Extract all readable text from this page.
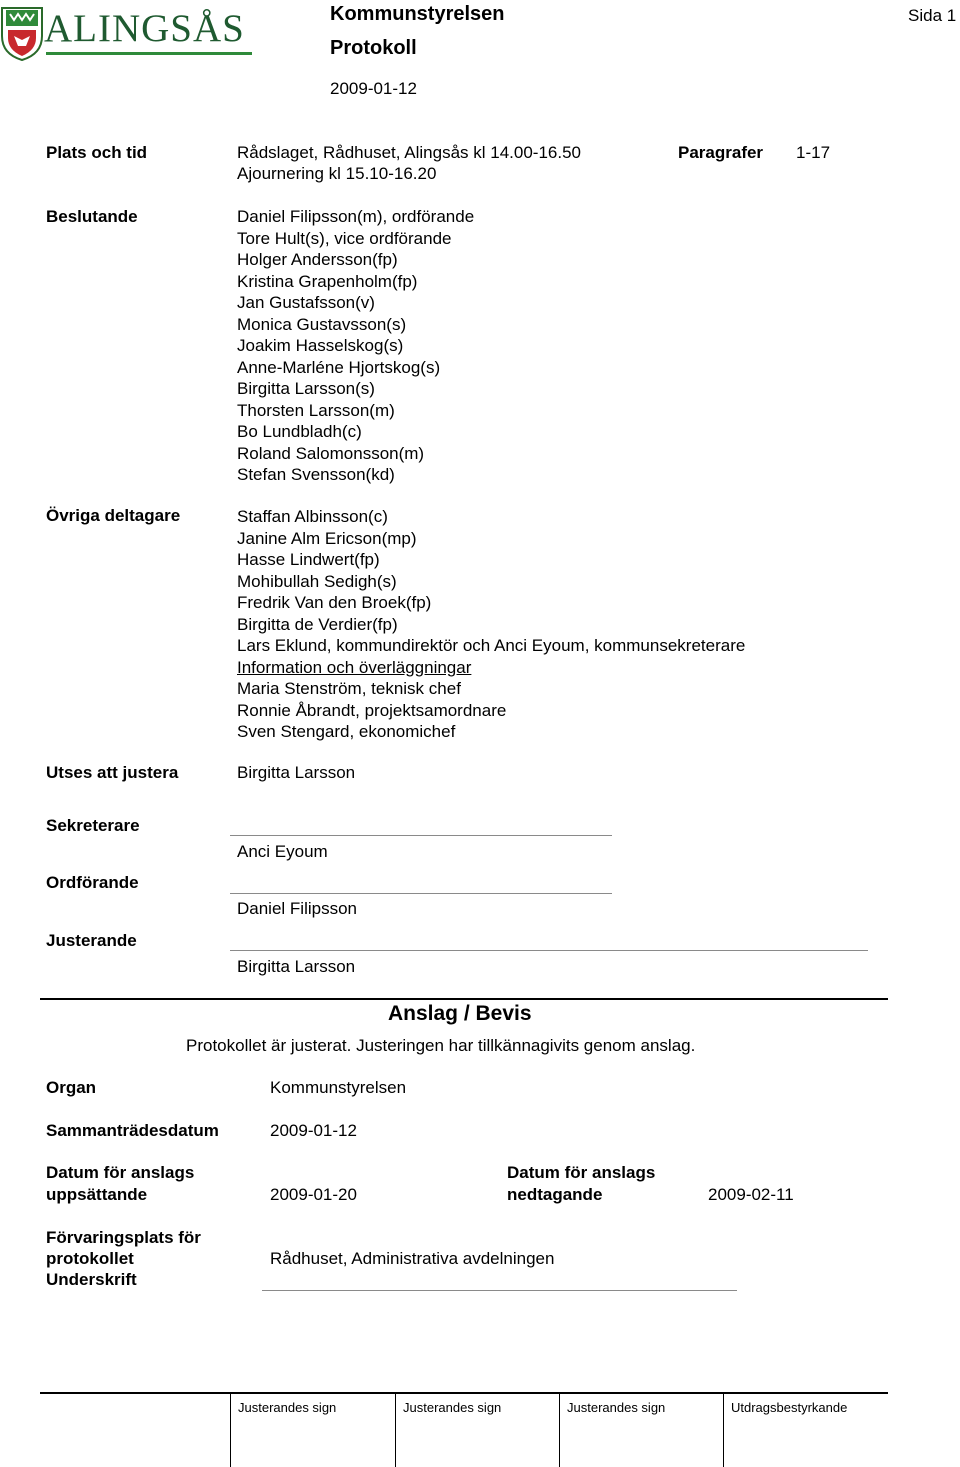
ALINGSÅS	Kommunstyrelsen
Protokoll
2009-01-12
Sida 1
Plats och tid	Rådslaget, Rådhuset, Alingsås kl 14.00-16.50
Ajournering kl 15.10-16.20
Paragrafer 1-17
Beslutande	Daniel Filipsson(m), ordförande
Tore Hult(s), vice ordförande
Holger Andersson(fp)
Kristina Grapenholm(fp)
Jan Gustafsson(v)
Monica Gustavsson(s)
Joakim Hasselskog(s)
Anne-Marléne Hjortskog(s)
Birgitta Larsson(s)
Thorsten Larsson(m)
Bo Lundbladh(c)
Roland Salomonsson(m)
Stefan Svensson(kd)
Övriga deltagare	Staffan Albinsson(c)
Janine Alm Ericson(mp)
Hasse Lindwert(fp)
Mohibullah Sedigh(s)
Fredrik Van den Broek(fp)
Birgitta de Verdier(fp)
Lars Eklund, kommundirektör och Anci Eyoum, kommunsekreterare
Information och överläggningar
Maria Stenström, teknisk chef
Ronnie Åbrandt, projektsamordnare
Sven Stengard, ekonomichef
Utses att justera	Birgitta Larsson
Sekreterare
Anci Eyoum
Ordförande
Daniel Filipsson
Justerande
Birgitta Larsson
Anslag / Bevis
Protokollet är justerat. Justeringen har tillkännagivits genom anslag.
Organ	Kommunstyrelsen
Sammanträdesdatum	2009-01-12
Datum för anslags
uppsättande	2009-01-20
Datum för anslags
nedtagande	2009-02-11
Förvaringsplats för
protokollet	Rådhuset, Administrativa avdelningen
Underskrift
Justerandes sign	Justerandes sign	Justerandes sign	Utdragsbestyrkande
